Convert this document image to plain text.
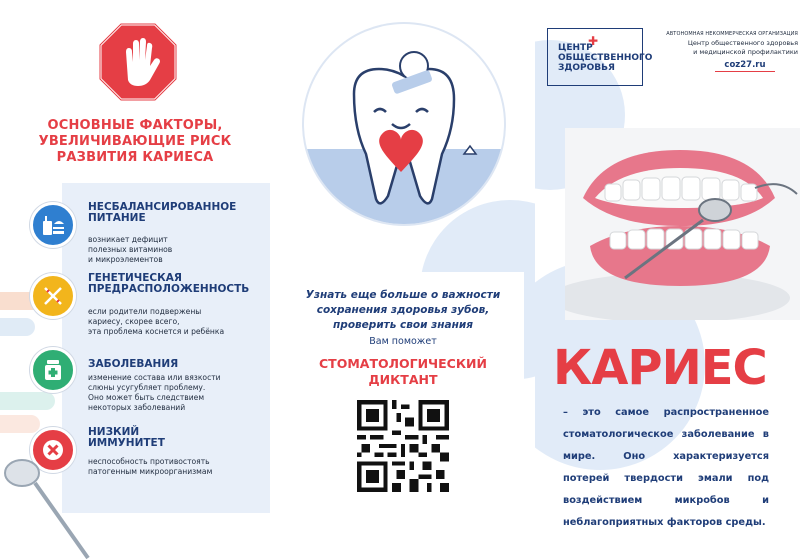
ОСНОВНЫЕ ФАКТОРЫ,
УВЕЛИЧИВАЮЩИЕ РИСК
РАЗВИТИЯ КАРИЕСА
НЕСБАЛАНСИРОВАННОЕ
ПИТАНИЕ
возникает дефицит
полезных витаминов
и микроэлементов
ГЕНЕТИЧЕСКАЯ
ПРЕДРАСПОЛОЖЕННОСТЬ
если родители подвержены
кариесу, скорее всего,
эта проблема коснется и ребёнка
ЗАБОЛЕВАНИЯ
изменение состава или вязкости
слюны усугубляет проблему.
Оно может быть следствием
некоторых заболеваний
НИЗКИЙ
ИММУНИТЕТ
неспособность противостоять
патогенным микроорганизмам
Узнать еще больше о важности
сохранения здоровья зубов,
проверить свои знания
Вам поможет
СТОМАТОЛОГИЧЕСКИЙ
ДИКТАНТ
✚
ЦЕНТР
ОБЩЕСТВЕННОГО
ЗДОРОВЬЯ
АВТОНОМНАЯ НЕКОММЕРЧЕСКАЯ ОРГАНИЗАЦИЯ
Центр общественного здоровья
и медицинской профилактики
coz27.ru
КАРИЕС
– это самое распространенное стоматологическое заболевание в мире. Оно характеризуется потерей твердости эмали под воздействием микробов и неблагоприятных факторов среды.
